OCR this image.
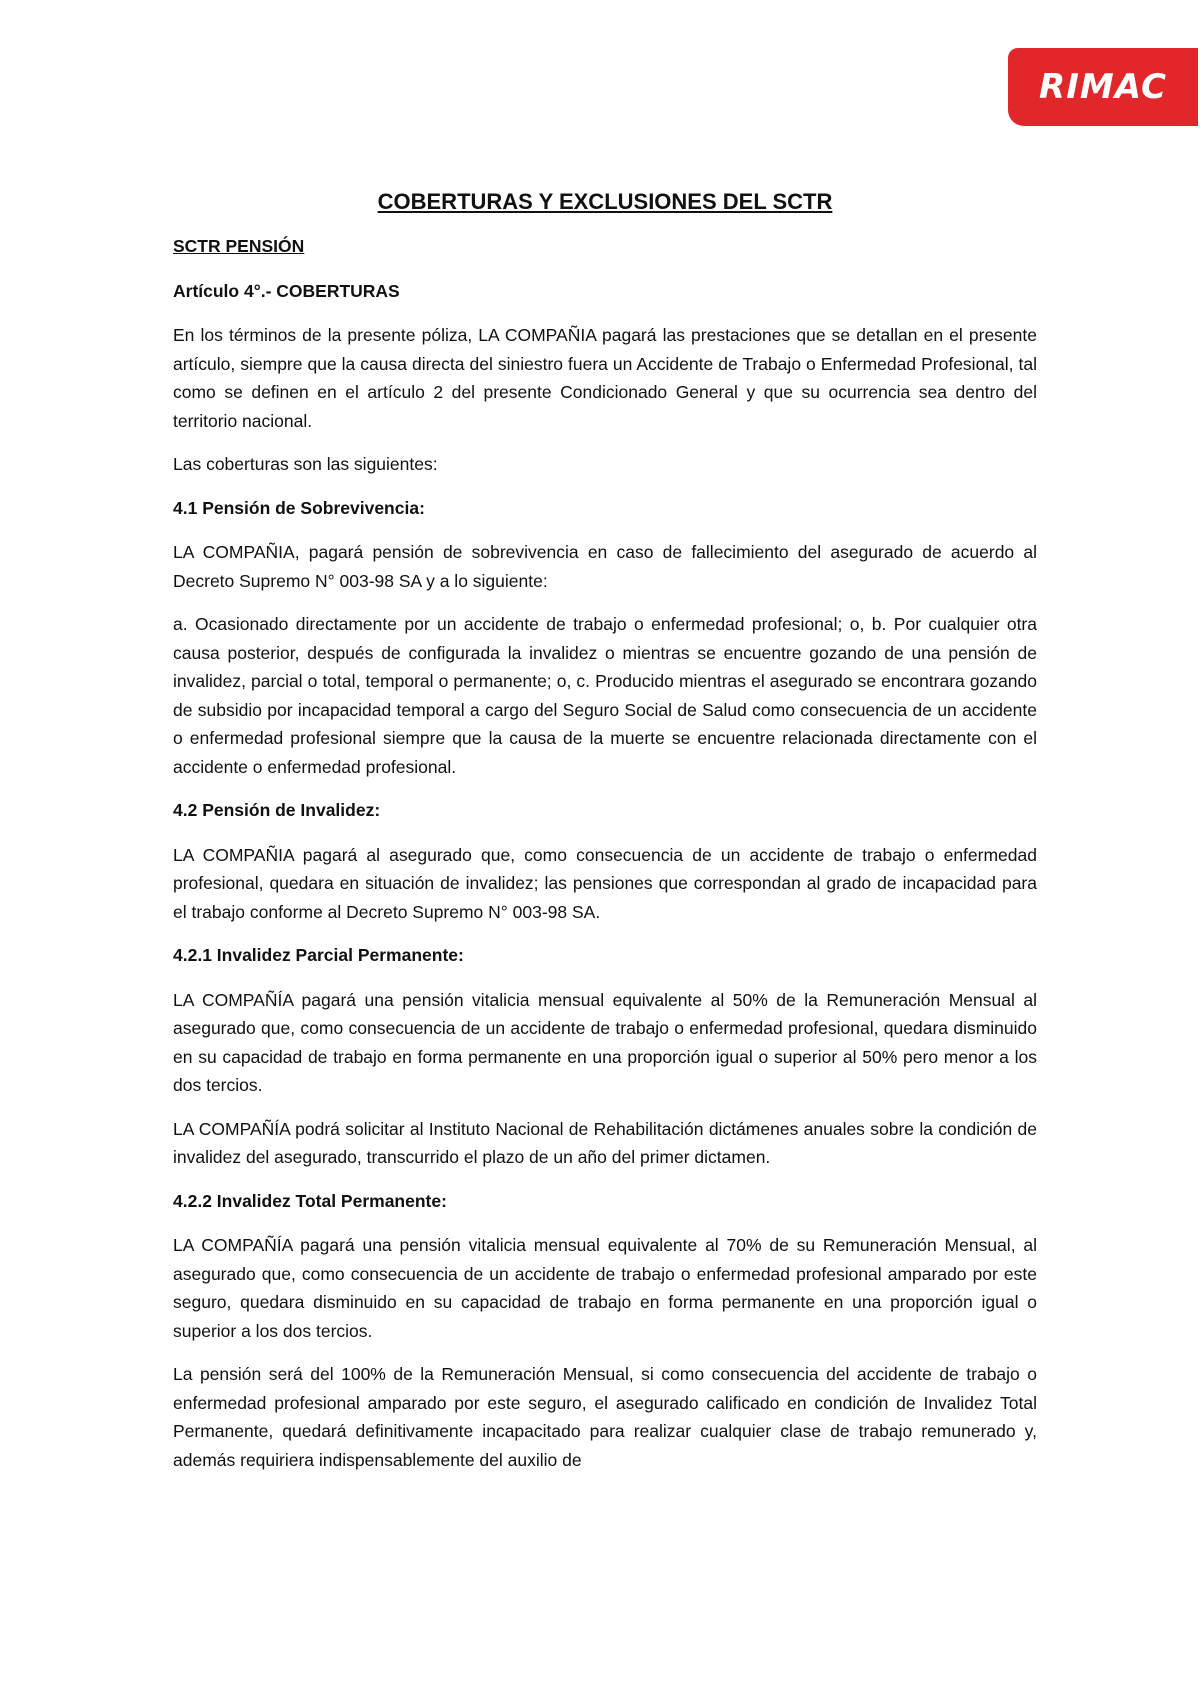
RIMAC
COBERTURAS Y EXCLUSIONES DEL SCTR
SCTR PENSIÓN
Artículo 4°.- COBERTURAS
En los términos de la presente póliza, LA COMPAÑIA pagará las prestaciones que se detallan en el presente artículo, siempre que la causa directa del siniestro fuera un Accidente de Trabajo o Enfermedad Profesional, tal como se definen en el artículo 2 del presente Condicionado General y que su ocurrencia sea dentro del territorio nacional.
Las coberturas son las siguientes:
4.1 Pensión de Sobrevivencia:
LA COMPAÑIA, pagará pensión de sobrevivencia en caso de fallecimiento del asegurado de acuerdo al Decreto Supremo N° 003-98 SA y a lo siguiente:
a. Ocasionado directamente por un accidente de trabajo o enfermedad profesional; o, b. Por cualquier otra causa posterior, después de configurada la invalidez o mientras se encuentre gozando de una pensión de invalidez, parcial o total, temporal o permanente; o, c. Producido mientras el asegurado se encontrara gozando de subsidio por incapacidad temporal a cargo del Seguro Social de Salud como consecuencia de un accidente o enfermedad profesional siempre que la causa de la muerte se encuentre relacionada directamente con el accidente o enfermedad profesional.
4.2 Pensión de Invalidez:
LA COMPAÑIA pagará al asegurado que, como consecuencia de un accidente de trabajo o enfermedad profesional, quedara en situación de invalidez; las pensiones que correspondan al grado de incapacidad para el trabajo conforme al Decreto Supremo N° 003-98 SA.
4.2.1 Invalidez Parcial Permanente:
LA COMPAÑÍA pagará una pensión vitalicia mensual equivalente al 50% de la Remuneración Mensual al asegurado que, como consecuencia de un accidente de trabajo o enfermedad profesional, quedara disminuido en su capacidad de trabajo en forma permanente en una proporción igual o superior al 50% pero menor a los dos tercios.
LA COMPAÑÍA podrá solicitar al Instituto Nacional de Rehabilitación dictámenes anuales sobre la condición de invalidez del asegurado, transcurrido el plazo de un año del primer dictamen.
4.2.2 Invalidez Total Permanente:
LA COMPAÑÍA pagará una pensión vitalicia mensual equivalente al 70% de su Remuneración Mensual, al asegurado que, como consecuencia de un accidente de trabajo o enfermedad profesional amparado por este seguro, quedara disminuido en su capacidad de trabajo en forma permanente en una proporción igual o superior a los dos tercios.
La pensión será del 100% de la Remuneración Mensual, si como consecuencia del accidente de trabajo o enfermedad profesional amparado por este seguro, el asegurado calificado en condición de Invalidez Total Permanente, quedará definitivamente incapacitado para realizar cualquier clase de trabajo remunerado y, además requiriera indispensablemente del auxilio de
